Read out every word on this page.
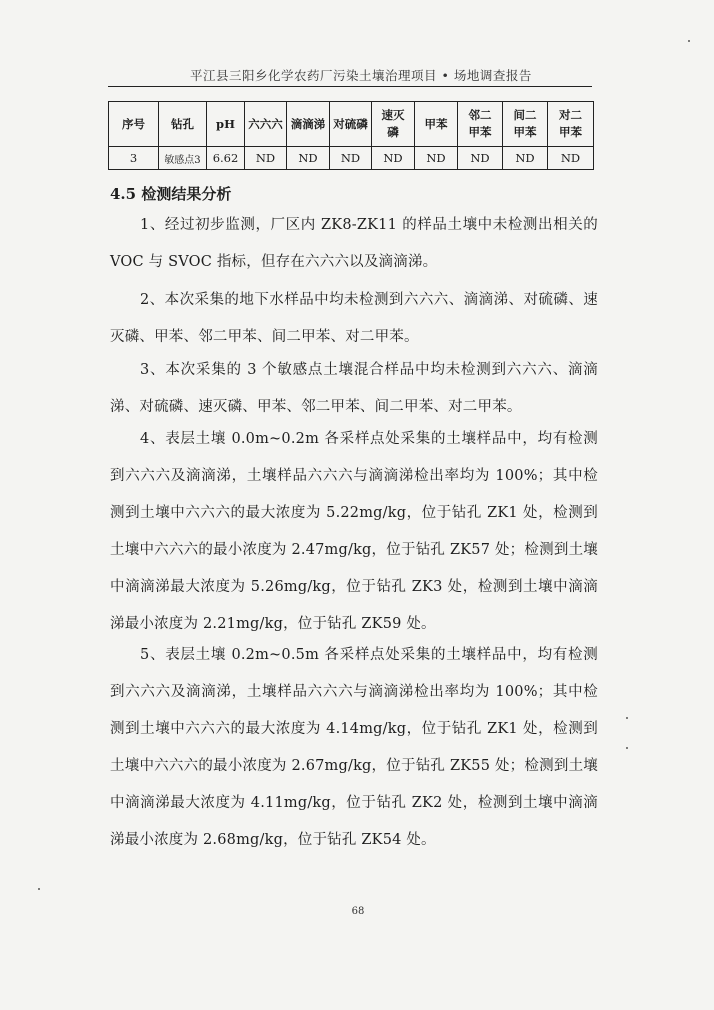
平江县三阳乡化学农药厂污染土壤治理项目 • 场地调查报告
序号	钻孔	pH	六六六	滴滴涕	对硫磷	速灭磷	甲苯	邻二甲苯	间二甲苯	对二甲苯
3	敏感点3	6.62	ND	ND	ND	ND	ND	ND	ND	ND
4.5 检测结果分析

1、经过初步监测，厂区内 ZK8-ZK11 的样品土壤中未检测出相关的 VOC 与 SVOC 指标，但存在六六六以及滴滴涕。

2、本次采集的地下水样品中均未检测到六六六、滴滴涕、对硫磷、速灭磷、甲苯、邻二甲苯、间二甲苯、对二甲苯。

3、本次采集的 3 个敏感点土壤混合样品中均未检测到六六六、滴滴涕、对硫磷、速灭磷、甲苯、邻二甲苯、间二甲苯、对二甲苯。

4、表层土壤 0.0m~0.2m 各采样点处采集的土壤样品中，均有检测到六六六及滴滴涕，土壤样品六六六与滴滴涕检出率均为 100%；其中检测到土壤中六六六的最大浓度为 5.22mg/kg，位于钻孔 ZK1 处，检测到土壤中六六六的最小浓度为 2.47mg/kg，位于钻孔 ZK57 处；检测到土壤中滴滴涕最大浓度为 5.26mg/kg，位于钻孔 ZK3 处，检测到土壤中滴滴涕最小浓度为 2.21mg/kg，位于钻孔 ZK59 处。

5、表层土壤 0.2m~0.5m 各采样点处采集的土壤样品中，均有检测到六六六及滴滴涕，土壤样品六六六与滴滴涕检出率均为 100%；其中检测到土壤中六六六的最大浓度为 4.14mg/kg，位于钻孔 ZK1 处，检测到土壤中六六六的最小浓度为 2.67mg/kg，位于钻孔 ZK55 处；检测到土壤中滴滴涕最大浓度为 4.11mg/kg，位于钻孔 ZK2 处，检测到土壤中滴滴涕最小浓度为 2.68mg/kg，位于钻孔 ZK54 处。

68
